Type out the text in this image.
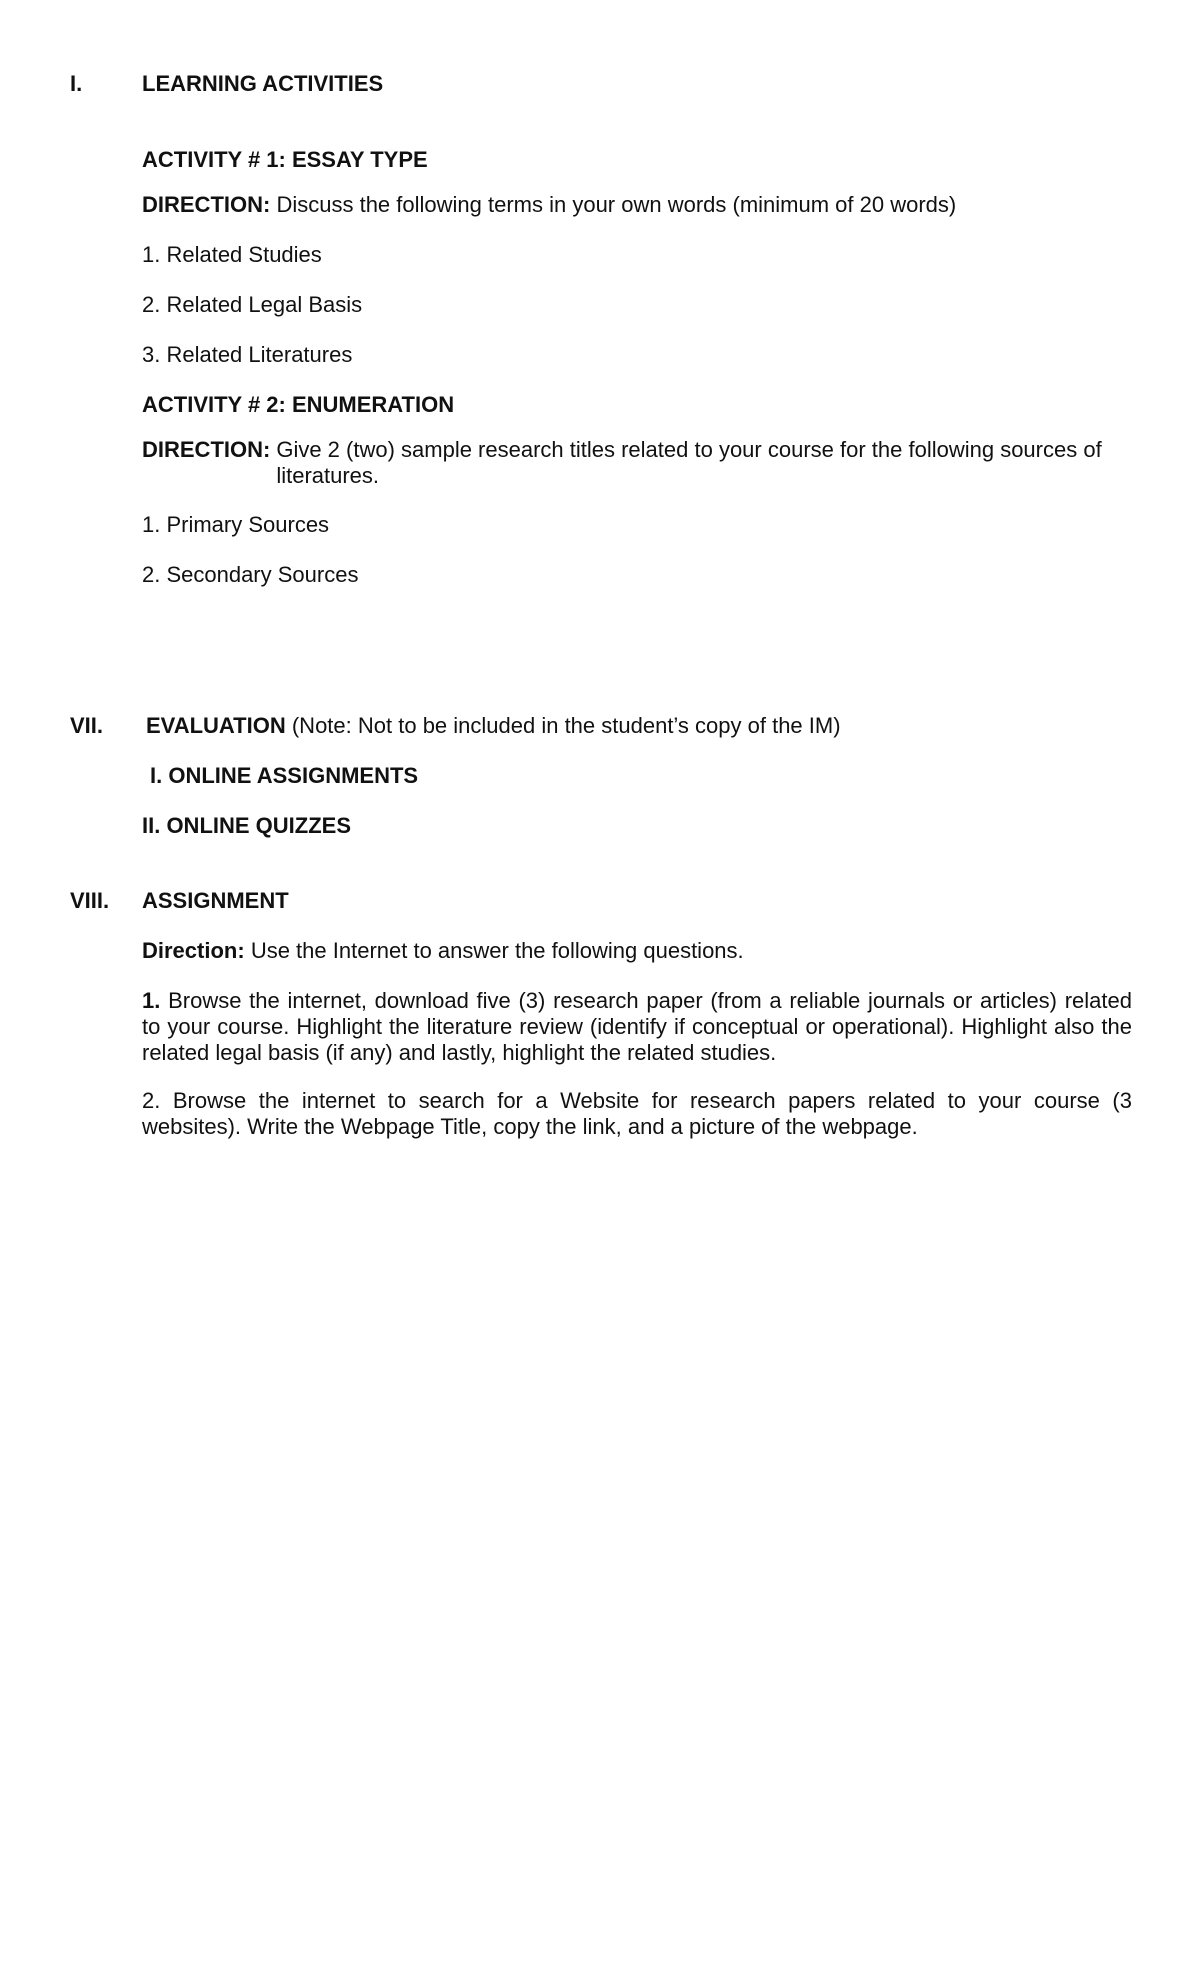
I.	LEARNING ACTIVITIES
ACTIVITY # 1: ESSAY TYPE
DIRECTION: Discuss the following terms in your own words (minimum of 20 words)
1. Related Studies
2. Related Legal Basis
3. Related Literatures
ACTIVITY # 2: ENUMERATION
DIRECTION: Give 2 (two) sample research titles related to your course for the following sources of literatures.
1. Primary Sources
2. Secondary Sources
VII. EVALUATION (Note: Not to be included in the student’s copy of the IM)
I. ONLINE ASSIGNMENTS
II. ONLINE QUIZZES
VIII. ASSIGNMENT
Direction: Use the Internet to answer the following questions.
1. Browse the internet, download five (3) research paper (from a reliable journals or articles) related to your course. Highlight the literature review (identify if conceptual or operational). Highlight also the related legal basis (if any) and lastly, highlight the related studies.
2. Browse the internet to search for a Website for research papers related to your course (3 websites). Write the Webpage Title, copy the link, and a picture of the webpage.
